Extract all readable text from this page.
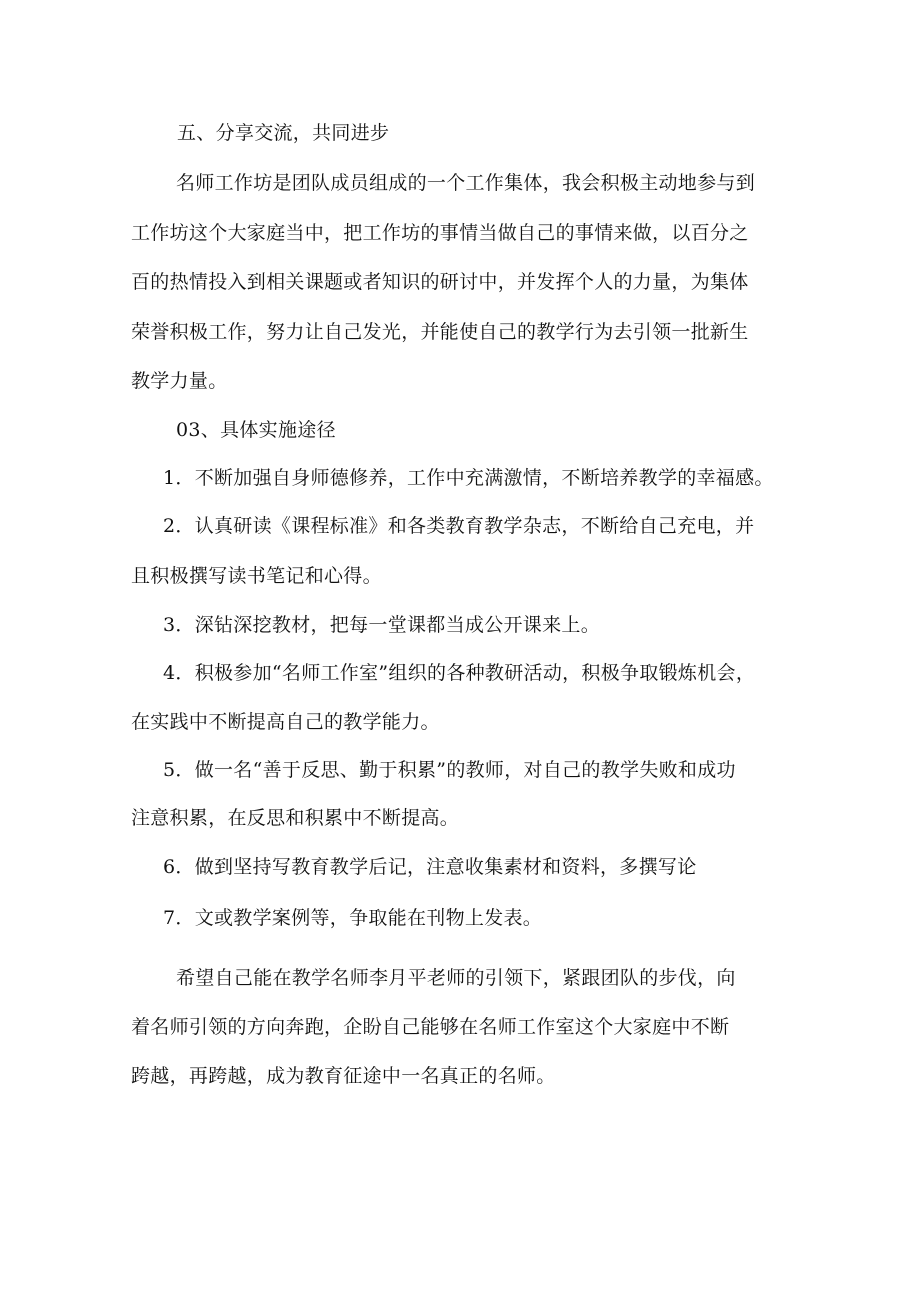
五、分享交流，共同进步
名师工作坊是团队成员组成的一个工作集体，我会积极主动地参与到
工作坊这个大家庭当中，把工作坊的事情当做自己的事情来做，以百分之
百的热情投入到相关课题或者知识的研讨中，并发挥个人的力量，为集体
荣誉积极工作，努力让自己发光，并能使自己的教学行为去引领一批新生
教学力量。
03、具体实施途径
1．不断加强自身师德修养，工作中充满激情，不断培养教学的幸福感。
2．认真研读《课程标准》和各类教育教学杂志，不断给自己充电，并
且积极撰写读书笔记和心得。
3．深钻深挖教材，把每一堂课都当成公开课来上。
4．积极参加“名师工作室”组织的各种教研活动，积极争取锻炼机会，
在实践中不断提高自己的教学能力。
5．做一名“善于反思、勤于积累”的教师，对自己的教学失败和成功
注意积累，在反思和积累中不断提高。
6．做到坚持写教育教学后记，注意收集素材和资料，多撰写论
7．文或教学案例等，争取能在刊物上发表。
希望自己能在教学名师李月平老师的引领下，紧跟团队的步伐，向
着名师引领的方向奔跑，企盼自己能够在名师工作室这个大家庭中不断
跨越，再跨越，成为教育征途中一名真正的名师。
